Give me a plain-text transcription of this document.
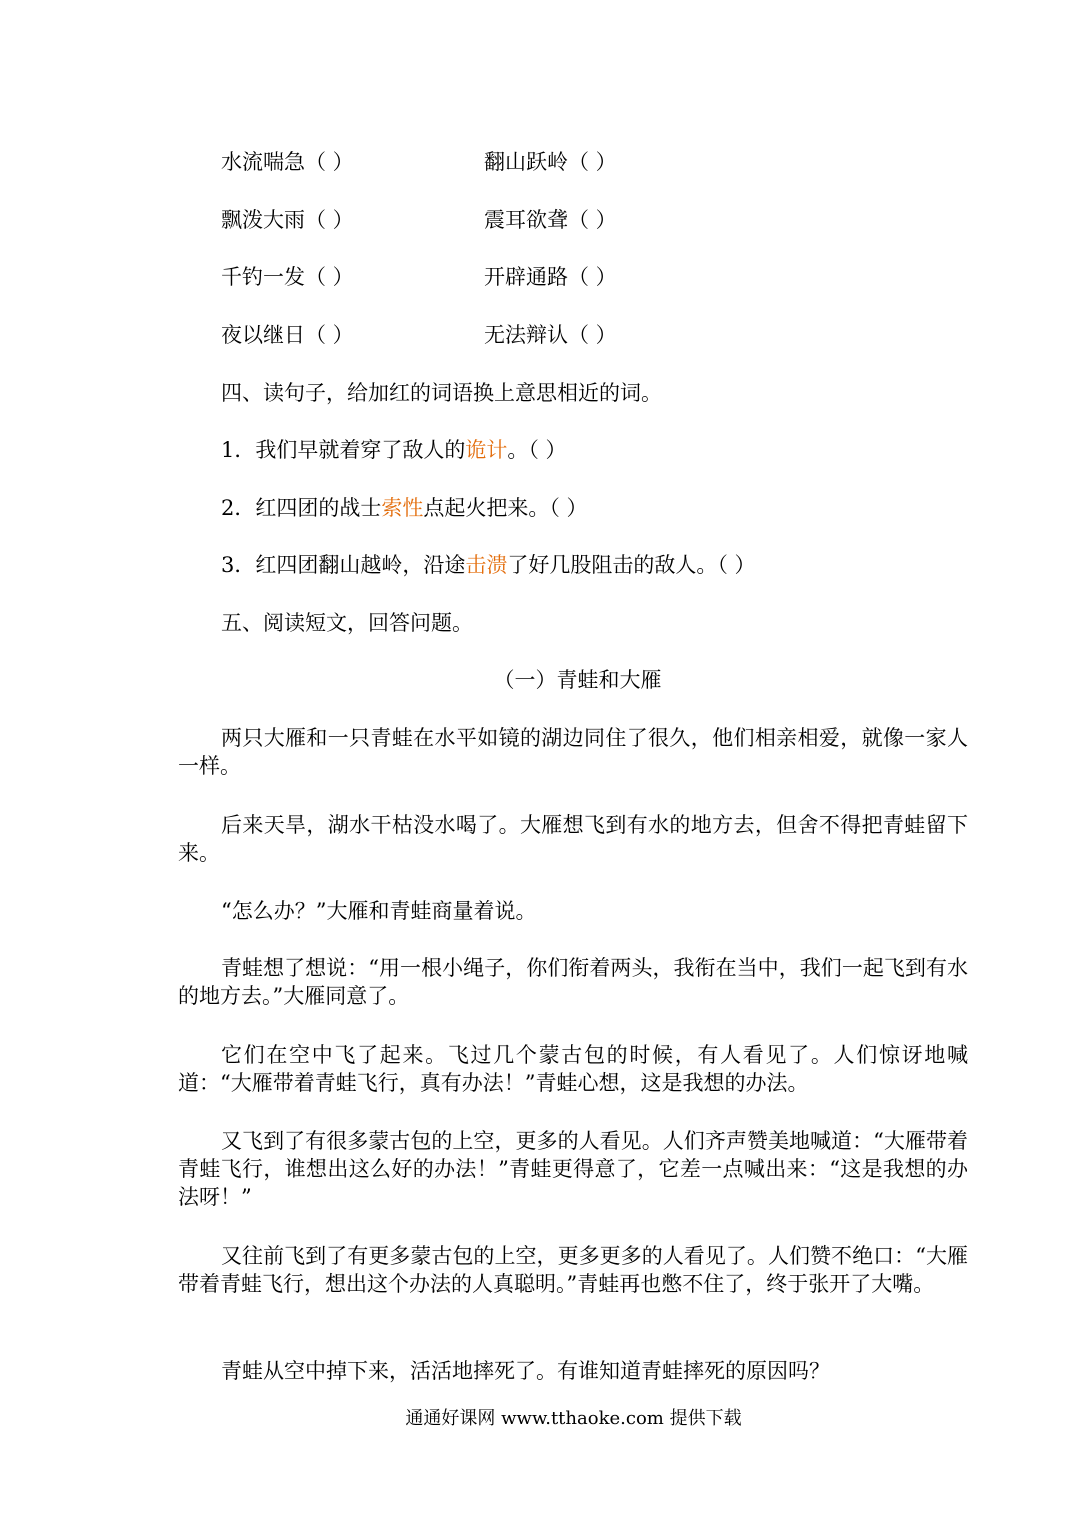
水流喘急（ ）	翻山跃岭（ ）
飘泼大雨（ ）	震耳欲聋（ ）
千钓一发（ ）	开辟通路（ ）
夜以继日（ ）	无法辩认（ ）
四、读句子，给加红的词语换上意思相近的词。
1．我们早就着穿了敌人的诡计。（ ）
2．红四团的战士索性点起火把来。（ ）
3．红四团翻山越岭，沿途击溃了好几股阻击的敌人。（ ）
五、阅读短文，回答问题。
（一）青蛙和大雁
两只大雁和一只青蛙在水平如镜的湖边同住了很久，他们相亲相爱，就像一家人一样。
后来天旱，湖水干枯没水喝了。大雁想飞到有水的地方去，但舍不得把青蛙留下来。
“怎么办？”大雁和青蛙商量着说。
青蛙想了想说：“用一根小绳子，你们衔着两头，我衔在当中，我们一起飞到有水的地方去。”大雁同意了。
它们在空中飞了起来。飞过几个蒙古包的时候，有人看见了。人们惊讶地喊道：“大雁带着青蛙飞行，真有办法！”青蛙心想，这是我想的办法。
又飞到了有很多蒙古包的上空，更多的人看见。人们齐声赞美地喊道：“大雁带着青蛙飞行，谁想出这么好的办法！”青蛙更得意了，它差一点喊出来：“这是我想的办法呀！”
又往前飞到了有更多蒙古包的上空，更多更多的人看见了。人们赞不绝口：“大雁带着青蛙飞行，想出这个办法的人真聪明。”青蛙再也憋不住了，终于张开了大嘴。
青蛙从空中掉下来，活活地摔死了。有谁知道青蛙摔死的原因吗？
通通好课网 www.tthaoke.com 提供下载
